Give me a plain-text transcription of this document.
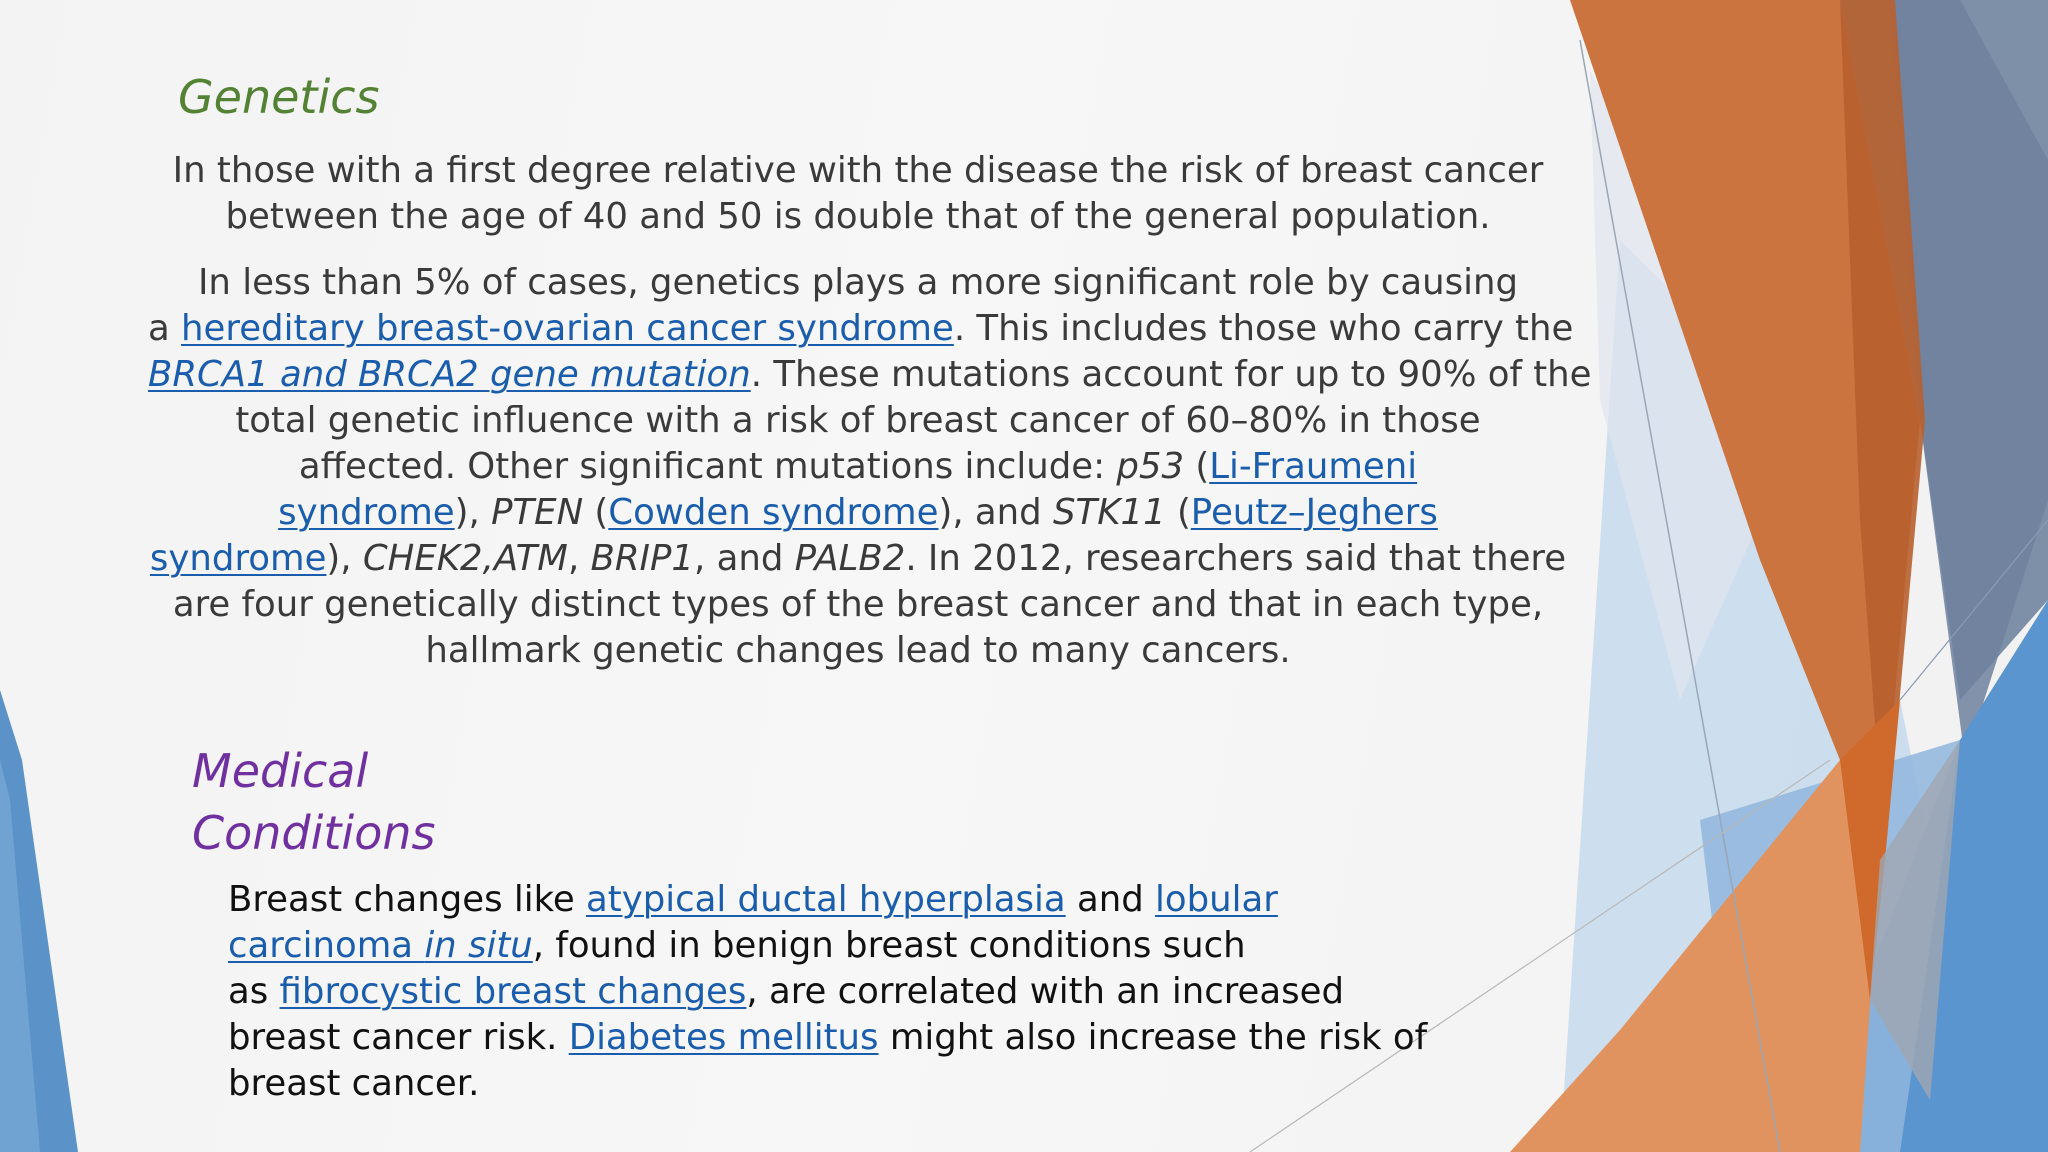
Genetics

In those with a first degree relative with the disease the risk of breast cancer
between the age of 40 and 50 is double that of the general population.

In less than 5% of cases, genetics plays a more significant role by causing
a hereditary breast-ovarian cancer syndrome. This includes those who carry the
BRCA1 and BRCA2 gene mutation. These mutations account for up to 90% of the
total genetic influence with a risk of breast cancer of 60–80% in those
affected. Other significant mutations include: p53 (Li-Fraumeni
syndrome), PTEN (Cowden syndrome), and STK11 (Peutz–Jeghers
syndrome), CHEK2,ATM, BRIP1, and PALB2. In 2012, researchers said that there
are four genetically distinct types of the breast cancer and that in each type,
hallmark genetic changes lead to many cancers.

Medical
Conditions

Breast changes like atypical ductal hyperplasia and lobular
carcinoma in situ, found in benign breast conditions such
as fibrocystic breast changes, are correlated with an increased
breast cancer risk. Diabetes mellitus might also increase the risk of
breast cancer.
